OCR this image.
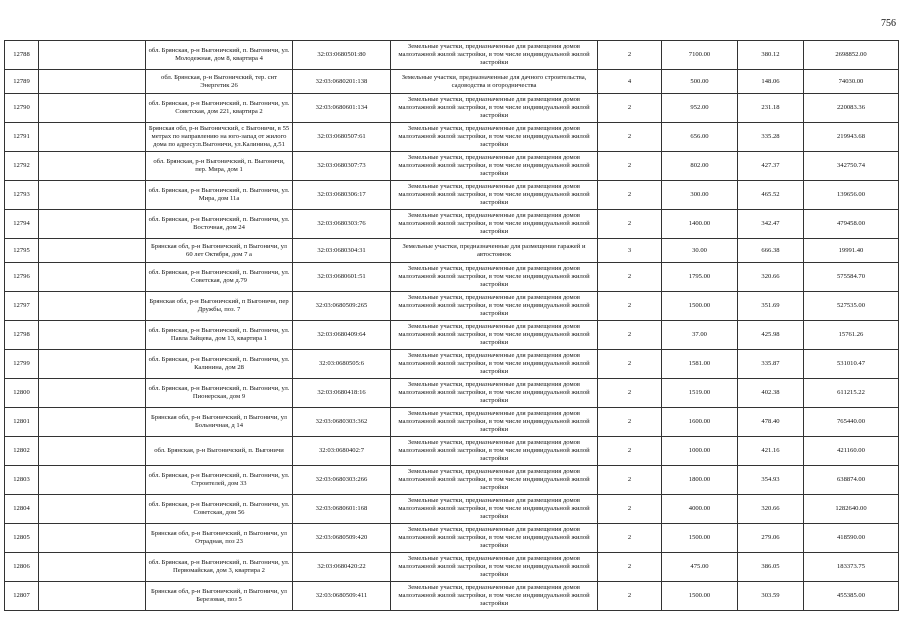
756
12788		обл. Брянская, р-н Выгоничский, п. Выгоничи, ул. Молодежная, дом 8, квартира 4	32:03:0680501:80	Земельные участки, предназначенные для размещения домов малоэтажной жилой застройки, в том числе индивидуальной жилой застройки	2	7100.00	380.12	2698852.00
12789		обл. Брянская, р-н Выгоничский, тер. снт Энергетик 26	32:03:0680201:138	Земельные участки, предназначенные для дачного строительства, садоводства и огородничества	4	500.00	148.06	74030.00
12790		обл. Брянская, р-н Выгоничский, п. Выгоничи, ул. Советская, дом 221, квартира 2	32:03:0680601:134	Земельные участки, предназначенные для размещения домов малоэтажной жилой застройки, в том числе индивидуальной жилой застройки	2	952.00	231.18	220083.36
12791		Брянская обл, р-н Выгоничский, с Выгоничи, в 55 метрах по направлению на юго-запад от жилого дома по адресу:п.Выгоничи, ул.Калинина, д.51	32:03:0680507:61	Земельные участки, предназначенные для размещения домов малоэтажной жилой застройки, в том числе индивидуальной жилой застройки	2	656.00	335.28	219943.68
12792		обл. Брянская, р-н Выгоничский, п. Выгоничи, пер. Мира, дом 1	32:03:0680307:73	Земельные участки, предназначенные для размещения домов малоэтажной жилой застройки, в том числе индивидуальной жилой застройки	2	802.00	427.37	342750.74
12793		обл. Брянская, р-н Выгоничский, п. Выгоничи, ул. Мира, дом 11а	32:03:0680306:17	Земельные участки, предназначенные для размещения домов малоэтажной жилой застройки, в том числе индивидуальной жилой застройки	2	300.00	465.52	139656.00
12794		обл. Брянская, р-н Выгоничский, п. Выгоничи, ул. Восточная, дом 24	32:03:0680303:76	Земельные участки, предназначенные для размещения домов малоэтажной жилой застройки, в том числе индивидуальной жилой застройки	2	1400.00	342.47	479458.00
12795		Брянская обл, р-н Выгоничский, п Выгоничи, ул 60 лет Октября, дом 7 а	32:03:0680304:31	Земельные участки, предназначенные для размещения гаражей и автостоянок	3	30.00	666.38	19991.40
12796		обл. Брянская, р-н Выгоничский, п. Выгоничи, ул. Советская, дом д.79	32:03:0680601:51	Земельные участки, предназначенные для размещения домов малоэтажной жилой застройки, в том числе индивидуальной жилой застройки	2	1795.00	320.66	575584.70
12797		Брянская обл, р-н Выгоничский, п Выгоничи, пер Дружбы, поз. 7	32:03:0680509:265	Земельные участки, предназначенные для размещения домов малоэтажной жилой застройки, в том числе индивидуальной жилой застройки	2	1500.00	351.69	527535.00
12798		обл. Брянская, р-н Выгоничский, п. Выгоничи, ул. Павла Зайцева, дом 13, квартира 1	32:03:0680409:64	Земельные участки, предназначенные для размещения домов малоэтажной жилой застройки, в том числе индивидуальной жилой застройки	2	37.00	425.98	15761.26
12799		обл. Брянская, р-н Выгоничский, п. Выгоничи, ул. Калинина, дом 28	32:03:0680505:6	Земельные участки, предназначенные для размещения домов малоэтажной жилой застройки, в том числе индивидуальной жилой застройки	2	1581.00	335.87	531010.47
12800		обл. Брянская, р-н Выгоничский, п. Выгоничи, ул. Пионерская, дом 9	32:03:0680418:16	Земельные участки, предназначенные для размещения домов малоэтажной жилой застройки, в том числе индивидуальной жилой застройки	2	1519.00	402.38	611215.22
12801		Брянская обл, р-н Выгоничский, п Выгоничи, ул Больничная, д 14	32:03:0680303:362	Земельные участки, предназначенные для размещения домов малоэтажной жилой застройки, в том числе индивидуальной жилой застройки	2	1600.00	478.40	765440.00
12802		обл. Брянская, р-н Выгоничский, п. Выгоничи	32:03:0680402:7	Земельные участки, предназначенные для размещения домов малоэтажной жилой застройки, в том числе индивидуальной жилой застройки	2	1000.00	421.16	421160.00
12803		обл. Брянская, р-н Выгоничский, п. Выгоничи, ул. Строителей, дом 33	32:03:0680303:266	Земельные участки, предназначенные для размещения домов малоэтажной жилой застройки, в том числе индивидуальной жилой застройки	2	1800.00	354.93	638874.00
12804		обл. Брянская, р-н Выгоничский, п. Выгоничи, ул. Советская, дом 56	32:03:0680601:168	Земельные участки, предназначенные для размещения домов малоэтажной жилой застройки, в том числе индивидуальной жилой застройки	2	4000.00	320.66	1282640.00
12805		Брянская обл, р-н Выгоничский, п Выгоничи, ул Отрадная, поз 23	32:03:0680509:420	Земельные участки, предназначенные для размещения домов малоэтажной жилой застройки, в том числе индивидуальной жилой застройки	2	1500.00	279.06	418590.00
12806		обл. Брянская, р-н Выгоничский, п. Выгоничи, ул. Первомайская, дом 3, квартира 2	32:03:0680420:22	Земельные участки, предназначенные для размещения домов малоэтажной жилой застройки, в том числе индивидуальной жилой застройки	2	475.00	386.05	183373.75
12807		Брянская обл, р-н Выгоничский, п Выгоничи, ул Березовая, поз 5	32:03:0680509:411	Земельные участки, предназначенные для размещения домов малоэтажной жилой застройки, в том числе индивидуальной жилой застройки	2	1500.00	303.59	455385.00
